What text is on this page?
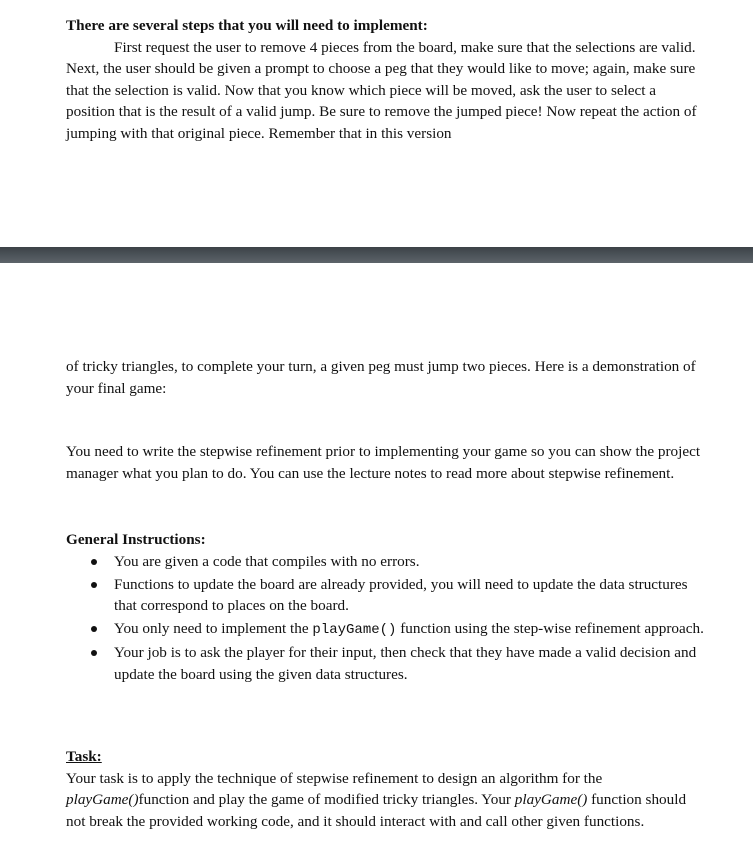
There are several steps that you will need to implement:
First request the user to remove 4 pieces from the board, make sure that the selections are valid. Next, the user should be given a prompt to choose a peg that they would like to move; again, make sure that the selection is valid. Now that you know which piece will be moved, ask the user to select a position that is the result of a valid jump. Be sure to remove the jumped piece! Now repeat the action of jumping with that original piece. Remember that in this version
of tricky triangles, to complete your turn, a given peg must jump two pieces. Here is a demonstration of your final game:
You need to write the stepwise refinement prior to implementing your game so you can show the project manager what you plan to do. You can use the lecture notes to read more about stepwise refinement.
General Instructions:
You are given a code that compiles with no errors.
Functions to update the board are already provided, you will need to update the data structures that correspond to places on the board.
You only need to implement the playGame() function using the step-wise refinement approach.
Your job is to ask the player for their input, then check that they have made a valid decision and update the board using the given data structures.
Task:
Your task is to apply the technique of stepwise refinement to design an algorithm for the playGame()function and play the game of modified tricky triangles. Your playGame() function should not break the provided working code, and it should interact with and call other given functions.
